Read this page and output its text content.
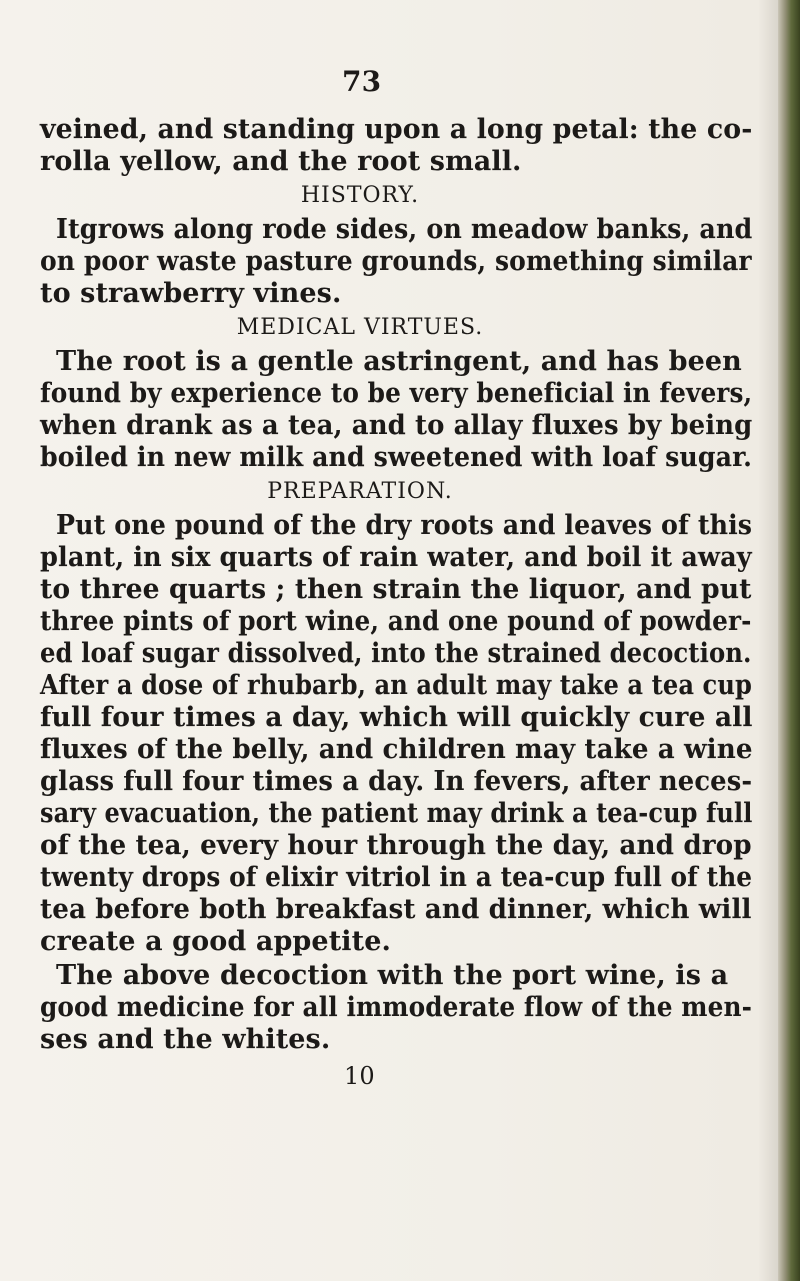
73
veined, and standing upon a long petal: the co-
rolla yellow, and the root small.
HISTORY.
Itgrows along rode sides, on meadow banks, and
on poor waste pasture grounds, something similar
to strawberry vines.
MEDICAL VIRTUES.
The root is a gentle astringent, and has been
found by experience to be very beneficial in fevers,
when drank as a tea, and to allay fluxes by being
boiled in new milk and sweetened with loaf sugar.
PREPARATION.
Put one pound of the dry roots and leaves of this
plant, in six quarts of rain water, and boil it away
to three quarts ; then strain the liquor, and put
three pints of port wine, and one pound of powder-
ed loaf sugar dissolved, into the strained decoction.
After a dose of rhubarb, an adult may take a tea cup
full four times a day, which will quickly cure all
fluxes of the belly, and children may take a wine
glass full four times a day. In fevers, after neces-
sary evacuation, the patient may drink a tea-cup full
of the tea, every hour through the day, and drop
twenty drops of elixir vitriol in a tea-cup full of the
tea before both breakfast and dinner, which will
create a good appetite.
The above decoction with the port wine, is a
good medicine for all immoderate flow of the men-
ses and the whites.
10
